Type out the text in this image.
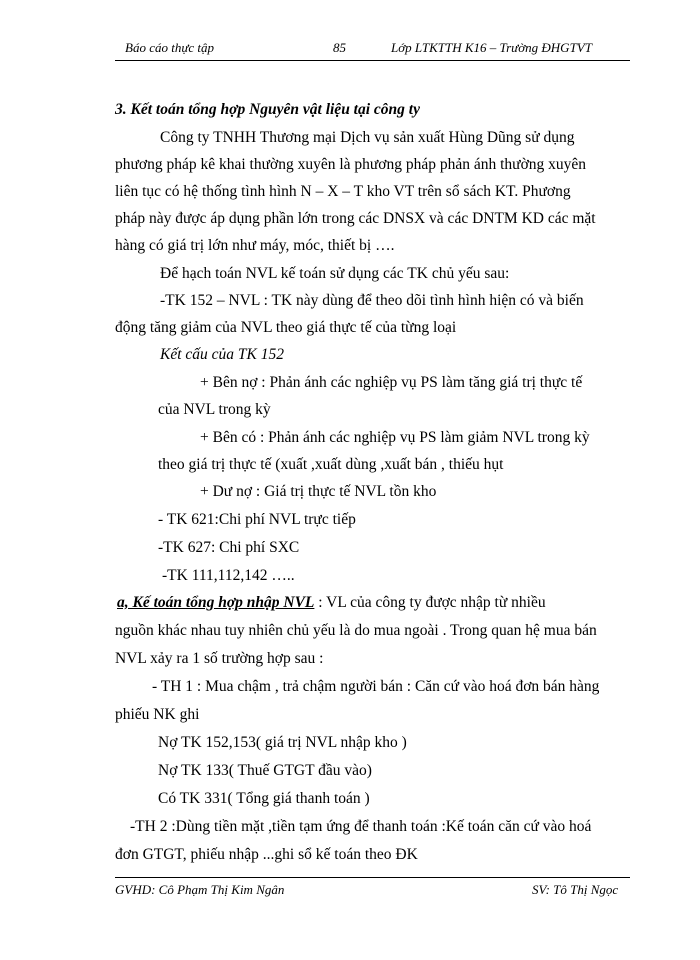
Báo cáo thực tập	85	Lớp LTKTTH K16 – Trường ĐHGTVT
3. Kết toán tổng hợp Nguyên vật liệu tại công ty
Công ty TNHH Thương mại Dịch vụ sản xuất Hùng Dũng sử dụng
phương pháp kê khai thường xuyên là phương pháp phản ánh thường xuyên
liên tục có hệ thống tình hình N – X – T kho VT trên sổ sách KT. Phương
pháp này được áp dụng phần lớn trong các DNSX và các DNTM KD các mặt
hàng có giá trị lớn như máy, móc, thiết bị ….
Để hạch toán NVL kế toán sử dụng các TK chủ yếu sau:
-TK 152 – NVL : TK này dùng để theo dõi tình hình hiện có và biến
động tăng giảm của NVL theo giá thực tế của từng loại
Kết cấu của TK 152
+ Bên nợ : Phản ánh các nghiệp vụ PS làm tăng giá trị thực tế
của NVL trong kỳ
+ Bên có : Phản ánh các nghiệp vụ PS làm giảm NVL trong kỳ
theo giá trị thực tế (xuất ,xuất dùng ,xuất bán , thiếu hụt
+ Dư nợ : Giá trị thực tế NVL tồn kho
- TK 621:Chi phí NVL trực tiếp
-TK 627: Chi phí SXC
-TK 111,112,142 …..
a, Kế toán tổng hợp nhập NVL : VL của công ty được nhập từ nhiều
nguồn khác nhau tuy nhiên chủ yếu là do mua ngoài . Trong quan hệ mua bán
NVL xảy ra 1 số trường hợp sau :
- TH 1 : Mua chậm , trả chậm người bán : Căn cứ vào hoá đơn bán hàng
phiếu NK ghi
Nợ TK 152,153( giá trị NVL nhập kho )
Nợ TK 133( Thuế GTGT đầu vào)
Có TK 331( Tổng giá thanh toán )
-TH 2 :Dùng tiền mặt ,tiền tạm ứng để thanh toán :Kế toán căn cứ vào hoá
đơn GTGT, phiếu nhập ...ghi sổ kế toán theo ĐK
GVHD: Cô Phạm Thị Kim Ngân	SV: Tô Thị Ngọc
